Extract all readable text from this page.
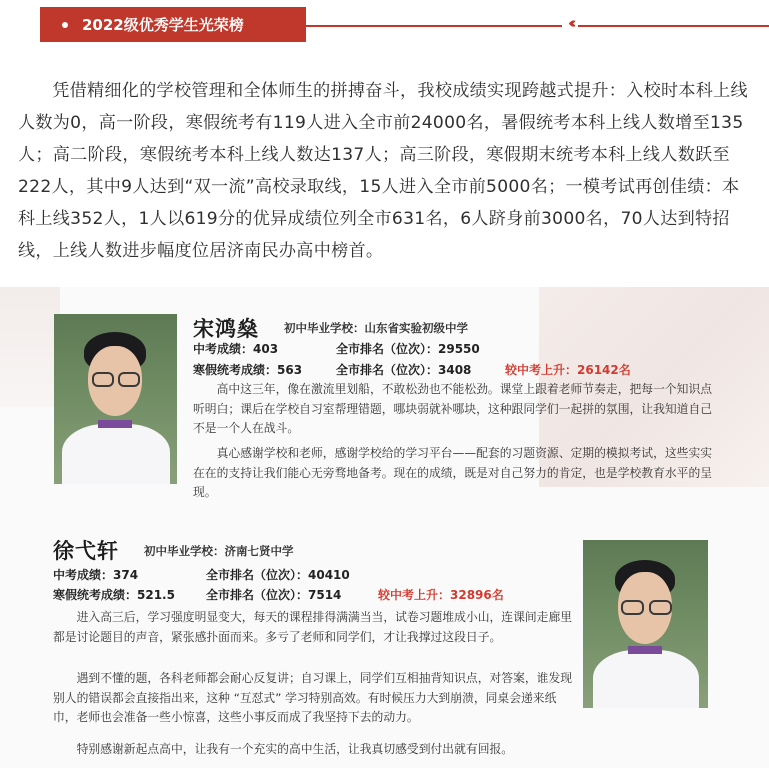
2022级优秀学生光荣榜	‹‹‹

凭借精细化的学校管理和全体师生的拼搏奋斗，我校成绩实现跨越式提升：入校时本科上线人数为0，高一阶段，寒假统考有119人进入全市前24000名，暑假统考本科上线人数增至135人；高二阶段，寒假统考本科上线人数达137人；高三阶段，寒假期末统考本科上线人数跃至222人，其中9人达到“双一流”高校录取线，15人进入全市前5000名；一模考试再创佳绩：本科上线352人，1人以619分的优异成绩位列全市631名，6人跻身前3000名，70人达到特招线，上线人数进步幅度位居济南民办高中榜首。

宋鸿燊 初中毕业学校：山东省实验初级中学
中考成绩：403	全市排名（位次）：29550
寒假统考成绩：563	全市排名（位次）：3408	较中考上升：26142名

高中这三年，像在激流里划船，不敢松劲也不能松劲。课堂上跟着老师节奏走，把每一个知识点听明白；课后在学校自习室帮理错题，哪块弱就补哪块，这种跟同学们一起拼的氛围，让我知道自己不是一个人在战斗。

真心感谢学校和老师，感谢学校给的学习平台——配套的习题资源、定期的模拟考试，这些实实在在的支持让我们能心无旁骛地备考。现在的成绩，既是对自己努力的肯定，也是学校教育水平的呈现。

徐弋轩 初中毕业学校：济南七贤中学
中考成绩：374	全市排名（位次）：40410
寒假统考成绩：521.5	全市排名（位次）：7514	较中考上升：32896名

进入高三后，学习强度明显变大，每天的课程排得满满当当，试卷习题堆成小山，连课间走廊里都是讨论题目的声音，紧张感扑面而来。多亏了老师和同学们，才让我撑过这段日子。

遇到不懂的题，各科老师都会耐心反复讲；自习课上，同学们互相抽背知识点，对答案，谁发现别人的错误都会直接指出来，这种 “互怼式” 学习特别高效。有时候压力大到崩溃，同桌会递来纸巾，老师也会准备一些小惊喜，这些小事反而成了我坚持下去的动力。

特别感谢新起点高中，让我有一个充实的高中生活，让我真切感受到付出就有回报。
